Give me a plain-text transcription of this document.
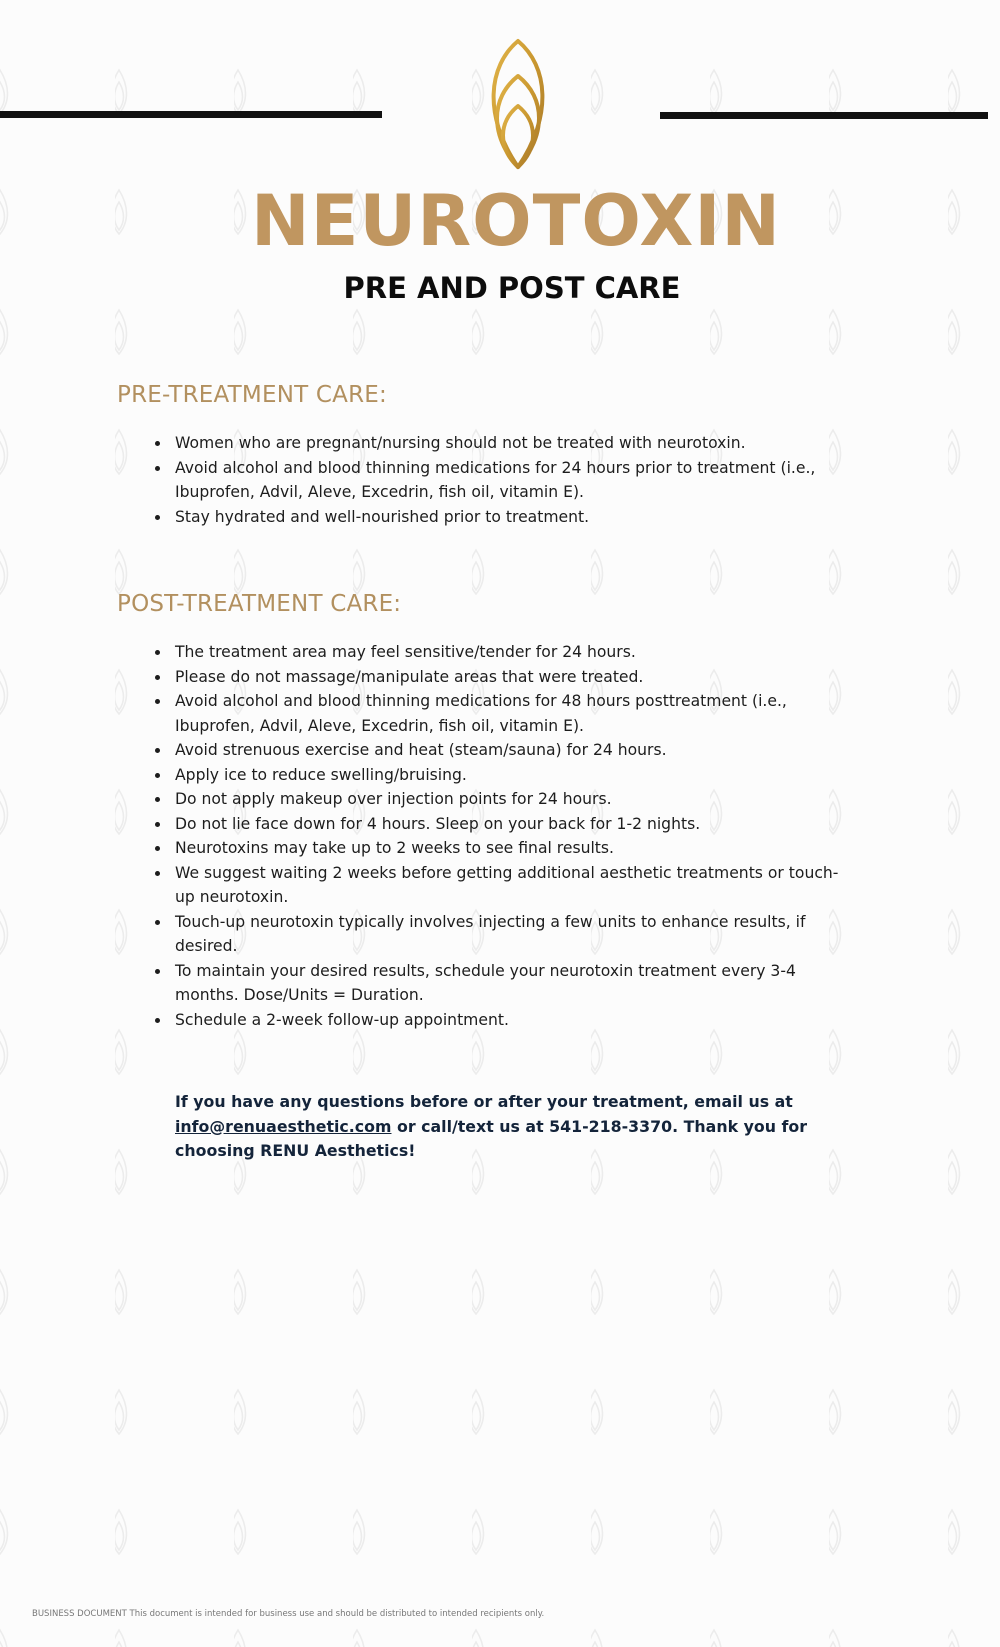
NEUROTOXIN
PRE AND POST CARE
PRE-TREATMENT CARE:
Women who are pregnant/nursing should not be treated with neurotoxin.
Avoid alcohol and blood thinning medications for 24 hours prior to treatment (i.e., Ibuprofen, Advil, Aleve, Excedrin, fish oil, vitamin E).
Stay hydrated and well-nourished prior to treatment.
POST-TREATMENT CARE:
The treatment area may feel sensitive/tender for 24 hours.
Please do not massage/manipulate areas that were treated.
Avoid alcohol and blood thinning medications for 48 hours posttreatment (i.e., Ibuprofen, Advil, Aleve, Excedrin, fish oil, vitamin E).
Avoid strenuous exercise and heat (steam/sauna) for 24 hours.
Apply ice to reduce swelling/bruising.
Do not apply makeup over injection points for 24 hours.
Do not lie face down for 4 hours. Sleep on your back for 1-2 nights.
Neurotoxins may take up to 2 weeks to see final results.
We suggest waiting 2 weeks before getting additional aesthetic treatments or touch-up neurotoxin.
Touch-up neurotoxin typically involves injecting a few units to enhance results, if desired.
To maintain your desired results, schedule your neurotoxin treatment every 3-4 months. Dose/Units = Duration.
Schedule a 2-week follow-up appointment.

If you have any questions before or after your treatment, email us at
info@renuaesthetic.com or call/text us at 541-218-3370. Thank you for choosing RENU Aesthetics!

BUSINESS DOCUMENT This document is intended for business use and should be distributed to intended recipients only.
